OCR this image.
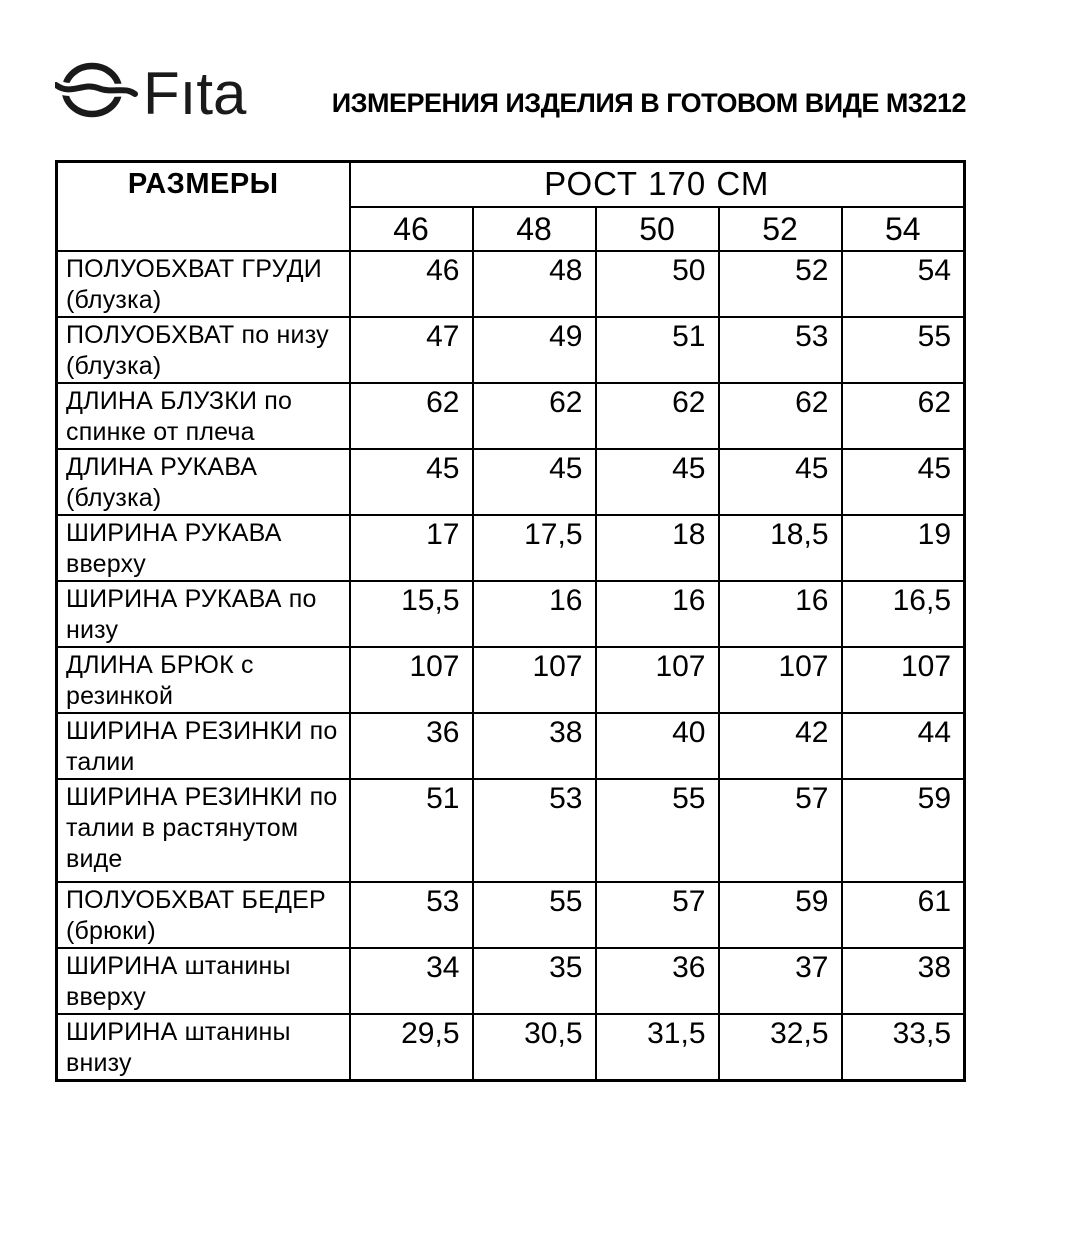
Fıta	ИЗМЕРЕНИЯ ИЗДЕЛИЯ В ГОТОВОМ ВИДЕ М3212
РАЗМЕРЫ	РОСТ 170 СМ				
	46	48	50	52	54
ПОЛУОБХВАТ ГРУДИ (блузка)	46	48	50	52	54
ПОЛУОБХВАТ по низу (блузка)	47	49	51	53	55
ДЛИНА БЛУЗКИ по спинке от плеча	62	62	62	62	62
ДЛИНА РУКАВА (блузка)	45	45	45	45	45
ШИРИНА РУКАВА вверху	17	17,5	18	18,5	19
ШИРИНА РУКАВА по низу	15,5	16	16	16	16,5
ДЛИНА БРЮК с резинкой	107	107	107	107	107
ШИРИНА РЕЗИНКИ по талии	36	38	40	42	44
ШИРИНА РЕЗИНКИ по талии в растянутом виде	51	53	55	57	59
ПОЛУОБХВАТ БЕДЕР (брюки)	53	55	57	59	61
ШИРИНА штанины вверху	34	35	36	37	38
ШИРИНА штанины внизу	29,5	30,5	31,5	32,5	33,5
